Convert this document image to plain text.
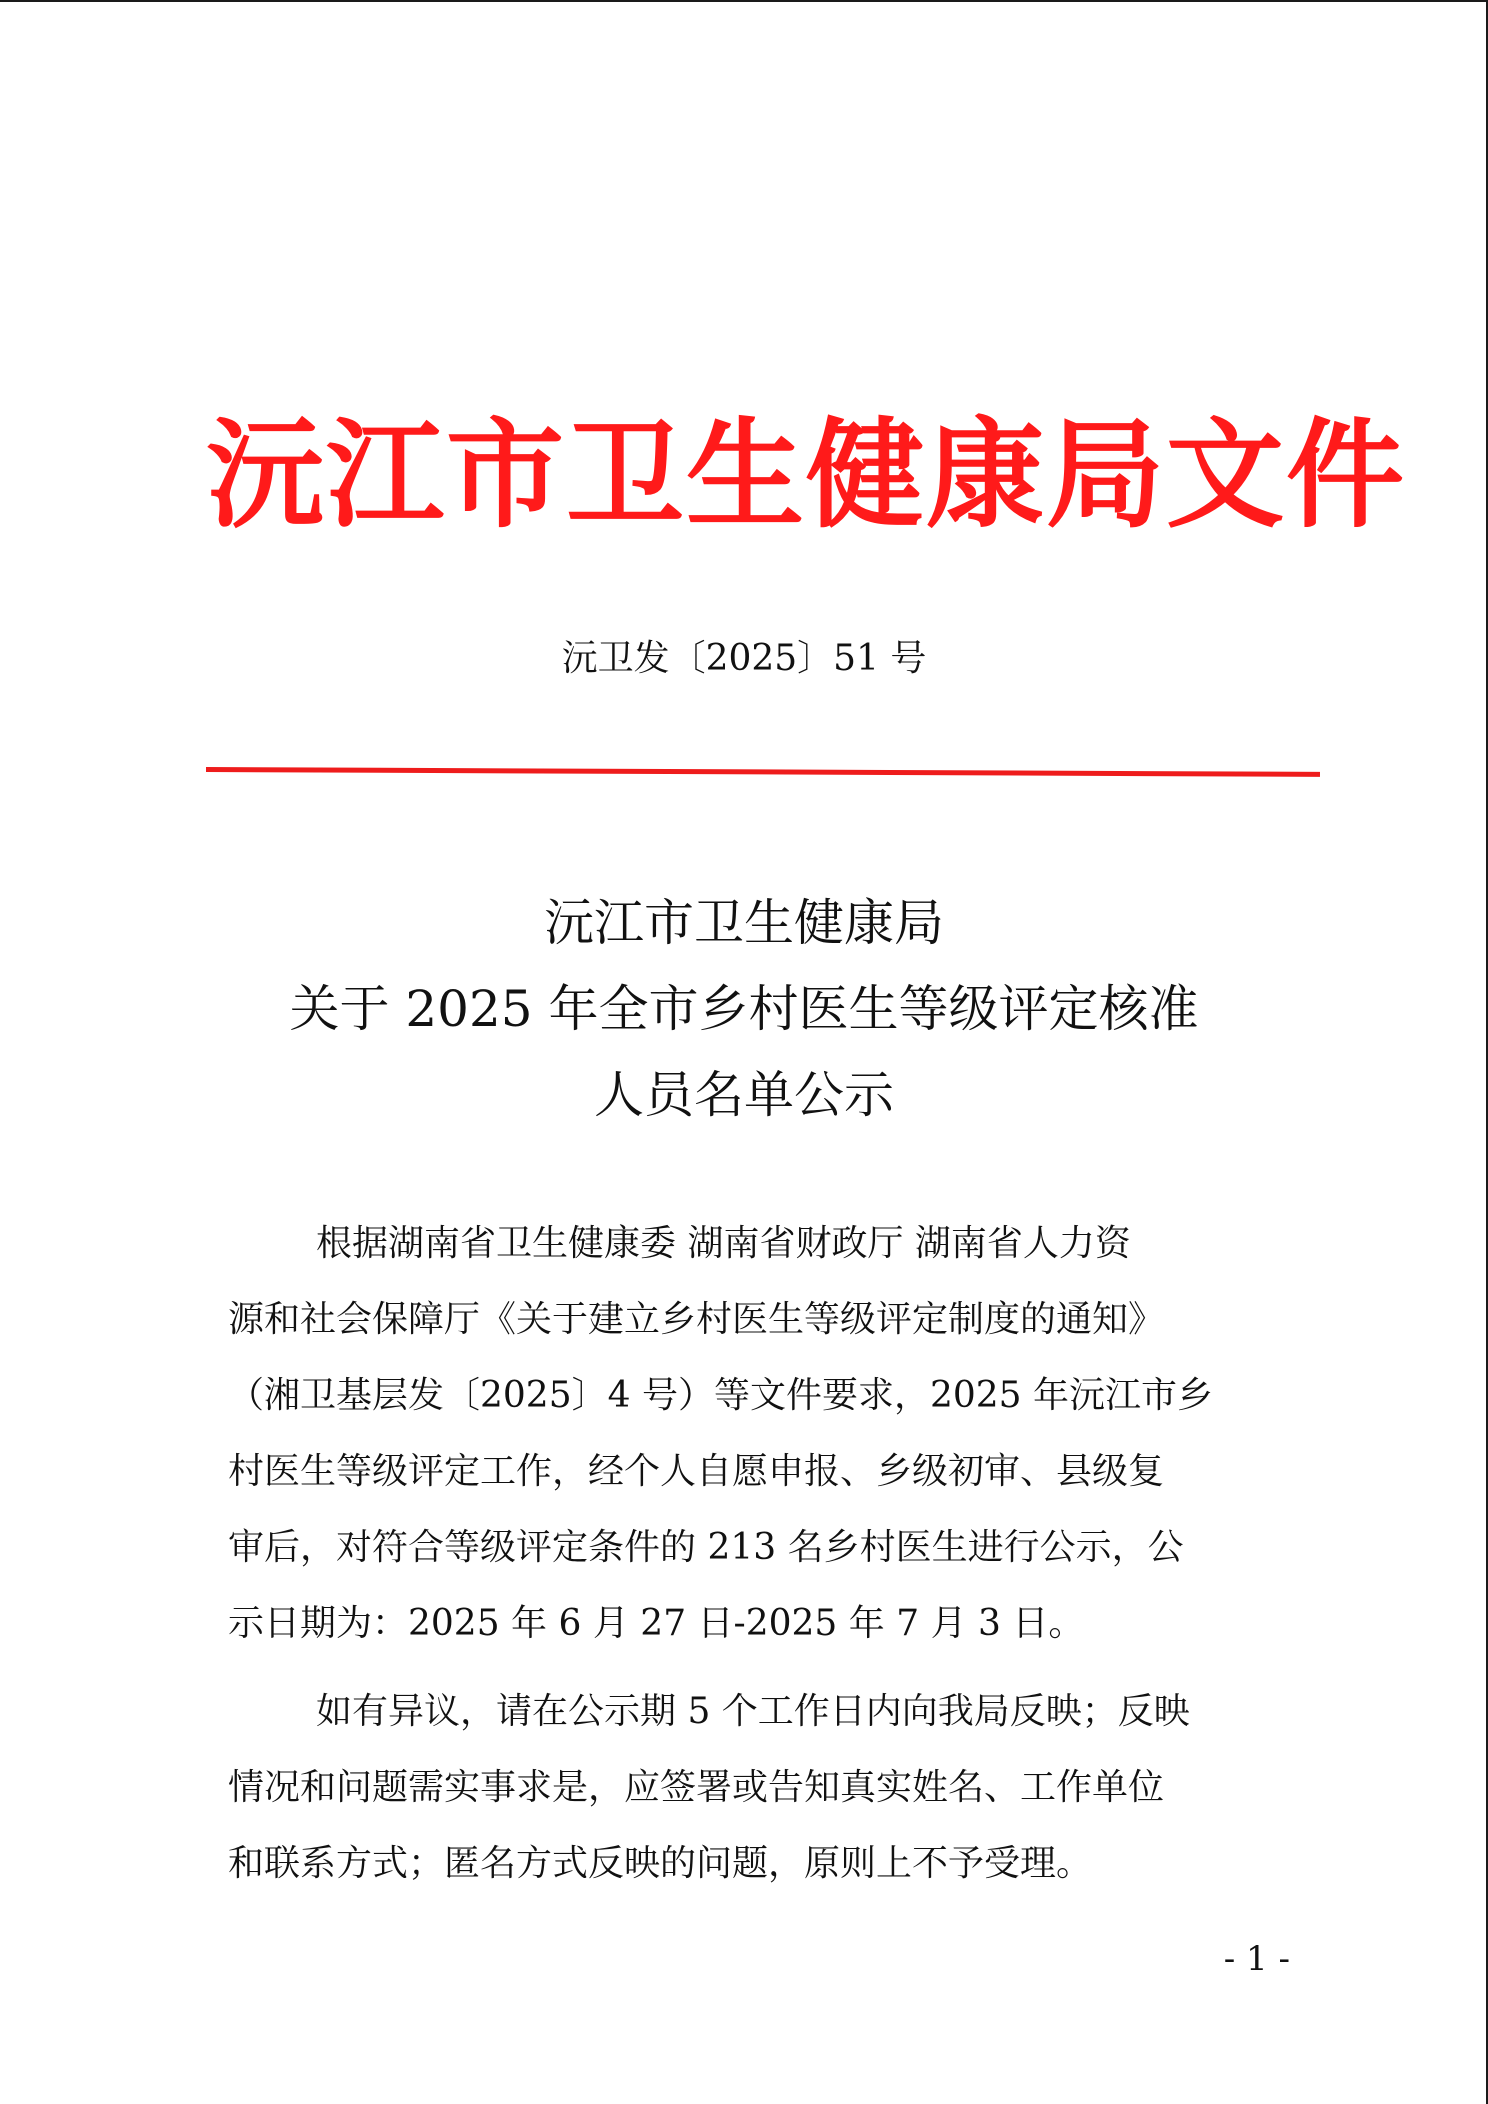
沅江市卫生健康局文件
沅卫发〔2025〕51 号
沅江市卫生健康局
关于 2025 年全市乡村医生等级评定核准
人员名单公示
根据湖南省卫生健康委 湖南省财政厅 湖南省人力资
源和社会保障厅《关于建立乡村医生等级评定制度的通知》
（湘卫基层发〔2025〕4 号）等文件要求，2025 年沅江市乡
村医生等级评定工作，经个人自愿申报、乡级初审、县级复
审后，对符合等级评定条件的 213 名乡村医生进行公示，公
示日期为：2025 年 6 月 27 日-2025 年 7 月 3 日。
如有异议，请在公示期 5 个工作日内向我局反映；反映
情况和问题需实事求是，应签署或告知真实姓名、工作单位
和联系方式；匿名方式反映的问题，原则上不予受理。
- 1 -
